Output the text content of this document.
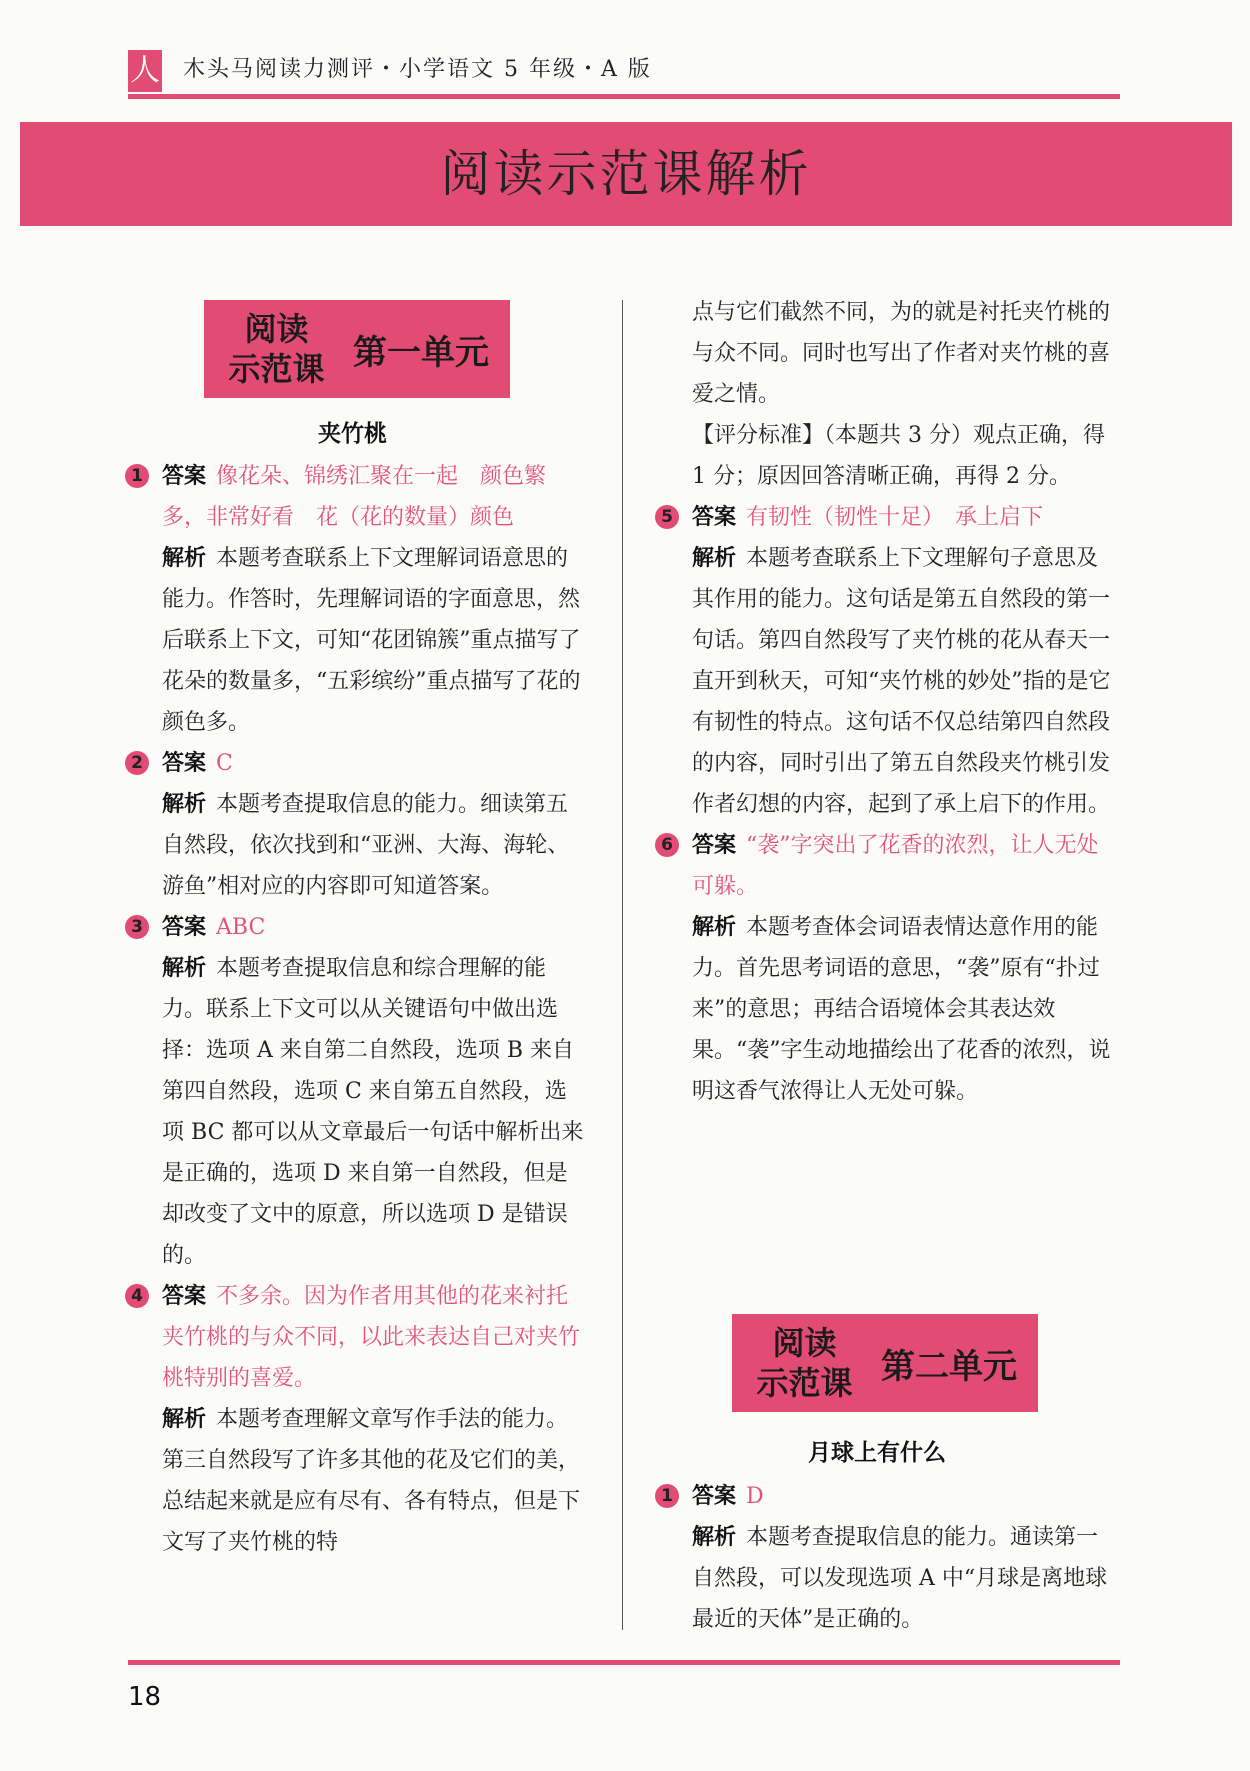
人 木头马阅读力测评・小学语文 5 年级・A 版
阅读示范课解析
阅读
示范课 第一单元
夹竹桃
1 答案 像花朵、锦绣汇聚在一起　颜色繁多，非常好看　花（花的数量）颜色

解析 本题考查联系上下文理解词语意思的能力。作答时，先理解词语的字面意思，然后联系上下文，可知“花团锦簇”重点描写了花朵的数量多，“五彩缤纷”重点描写了花的颜色多。

2 答案 C

解析 本题考查提取信息的能力。细读第五自然段，依次找到和“亚洲、大海、海轮、游鱼”相对应的内容即可知道答案。

3 答案 ABC

解析 本题考查提取信息和综合理解的能力。联系上下文可以从关键语句中做出选择：选项 A 来自第二自然段，选项 B 来自第四自然段，选项 C 来自第五自然段，选项 BC 都可以从文章最后一句话中解析出来是正确的，选项 D 来自第一自然段，但是却改变了文中的原意，所以选项 D 是错误的。

4 答案 不多余。因为作者用其他的花来衬托夹竹桃的与众不同，以此来表达自己对夹竹桃特别的喜爱。

解析 本题考查理解文章写作手法的能力。第三自然段写了许多其他的花及它们的美，总结起来就是应有尽有、各有特点，但是下文写了夹竹桃的特

点与它们截然不同，为的就是衬托夹竹桃的与众不同。同时也写出了作者对夹竹桃的喜爱之情。

【评分标准】（本题共 3 分）观点正确，得 1 分；原因回答清晰正确，再得 2 分。

5 答案 有韧性（韧性十足）　承上启下

解析 本题考查联系上下文理解句子意思及其作用的能力。这句话是第五自然段的第一句话。第四自然段写了夹竹桃的花从春天一直开到秋天，可知“夹竹桃的妙处”指的是它有韧性的特点。这句话不仅总结第四自然段的内容，同时引出了第五自然段夹竹桃引发作者幻想的内容，起到了承上启下的作用。

6 答案 “袭”字突出了花香的浓烈，让人无处可躲。

解析 本题考查体会词语表情达意作用的能力。首先思考词语的意思，“袭”原有“扑过来”的意思；再结合语境体会其表达效果。“袭”字生动地描绘出了花香的浓烈，说明这香气浓得让人无处可躲。

阅读
示范课 第二单元
月球上有什么
1 答案 D

解析 本题考查提取信息的能力。通读第一自然段，可以发现选项 A 中“月球是离地球最近的天体”是正确的。

18
